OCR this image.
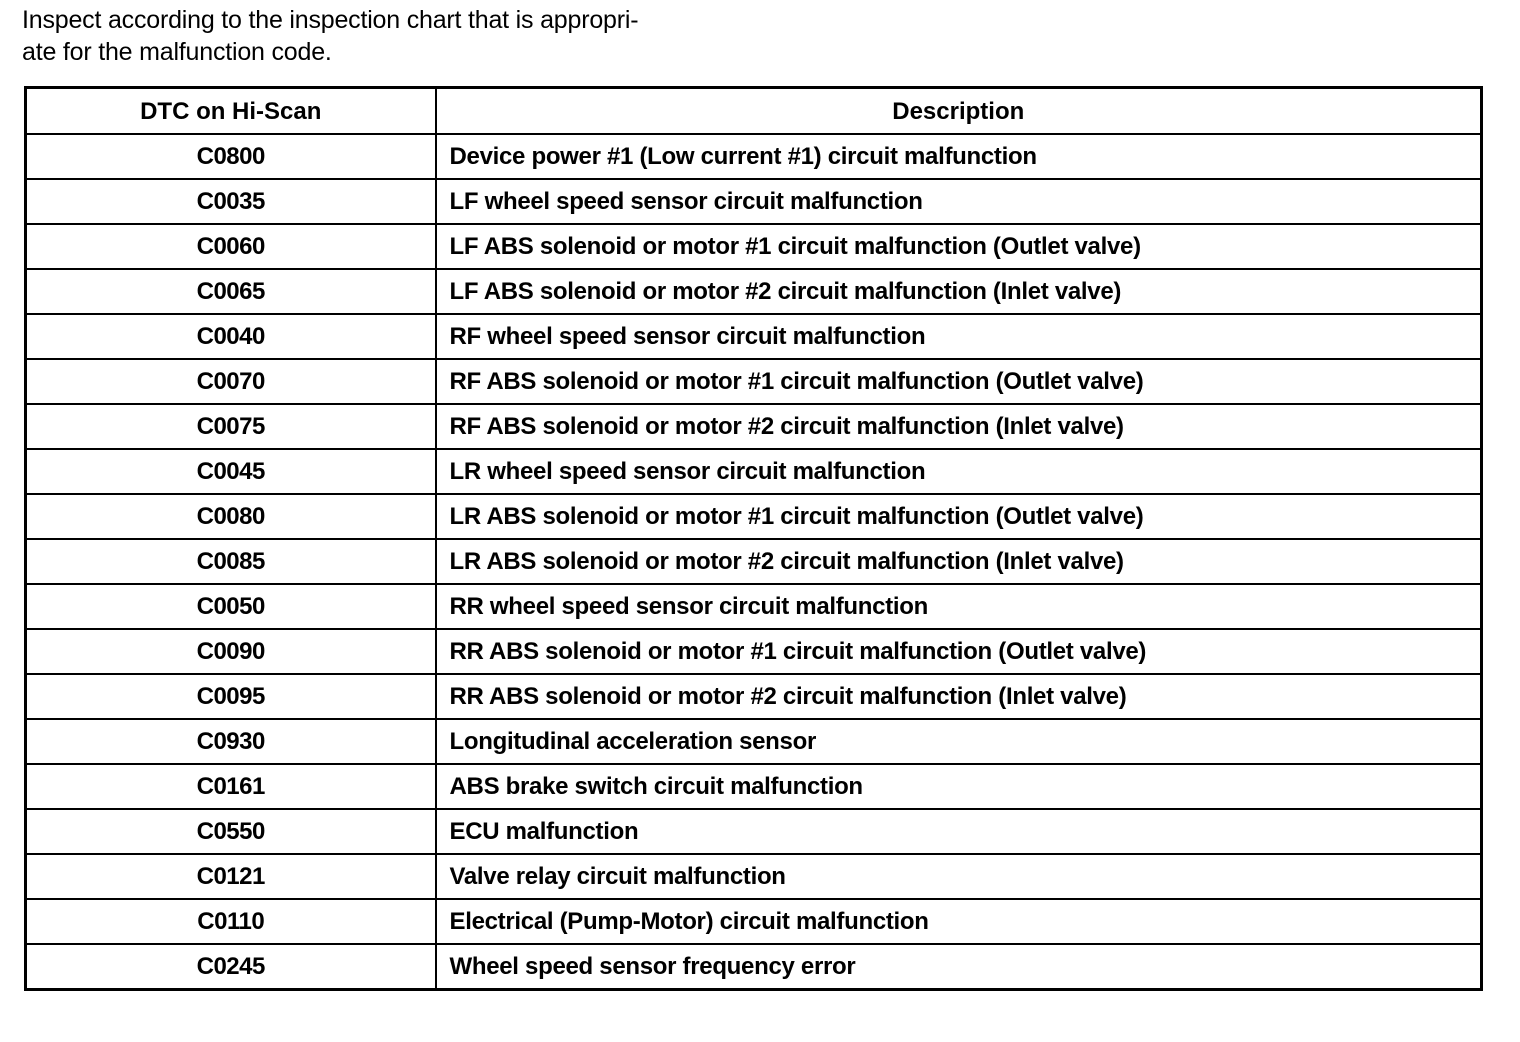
Inspect according to the inspection chart that is appropri-
ate for the malfunction code.
DTC on Hi-Scan	Description
C0800	Device power #1 (Low current #1) circuit malfunction
C0035	LF wheel speed sensor circuit malfunction
C0060	LF ABS solenoid or motor #1 circuit malfunction (Outlet valve)
C0065	LF ABS solenoid or motor #2 circuit malfunction (Inlet valve)
C0040	RF wheel speed sensor circuit malfunction
C0070	RF ABS solenoid or motor #1 circuit malfunction (Outlet valve)
C0075	RF ABS solenoid or motor #2 circuit malfunction (Inlet valve)
C0045	LR wheel speed sensor circuit malfunction
C0080	LR ABS solenoid or motor #1 circuit malfunction (Outlet valve)
C0085	LR ABS solenoid or motor #2 circuit malfunction (Inlet valve)
C0050	RR wheel speed sensor circuit malfunction
C0090	RR ABS solenoid or motor #1 circuit malfunction (Outlet valve)
C0095	RR ABS solenoid or motor #2 circuit malfunction (Inlet valve)
C0930	Longitudinal acceleration sensor
C0161	ABS brake switch circuit malfunction
C0550	ECU malfunction
C0121	Valve relay circuit malfunction
C0110	Electrical (Pump-Motor) circuit malfunction
C0245	Wheel speed sensor frequency error
